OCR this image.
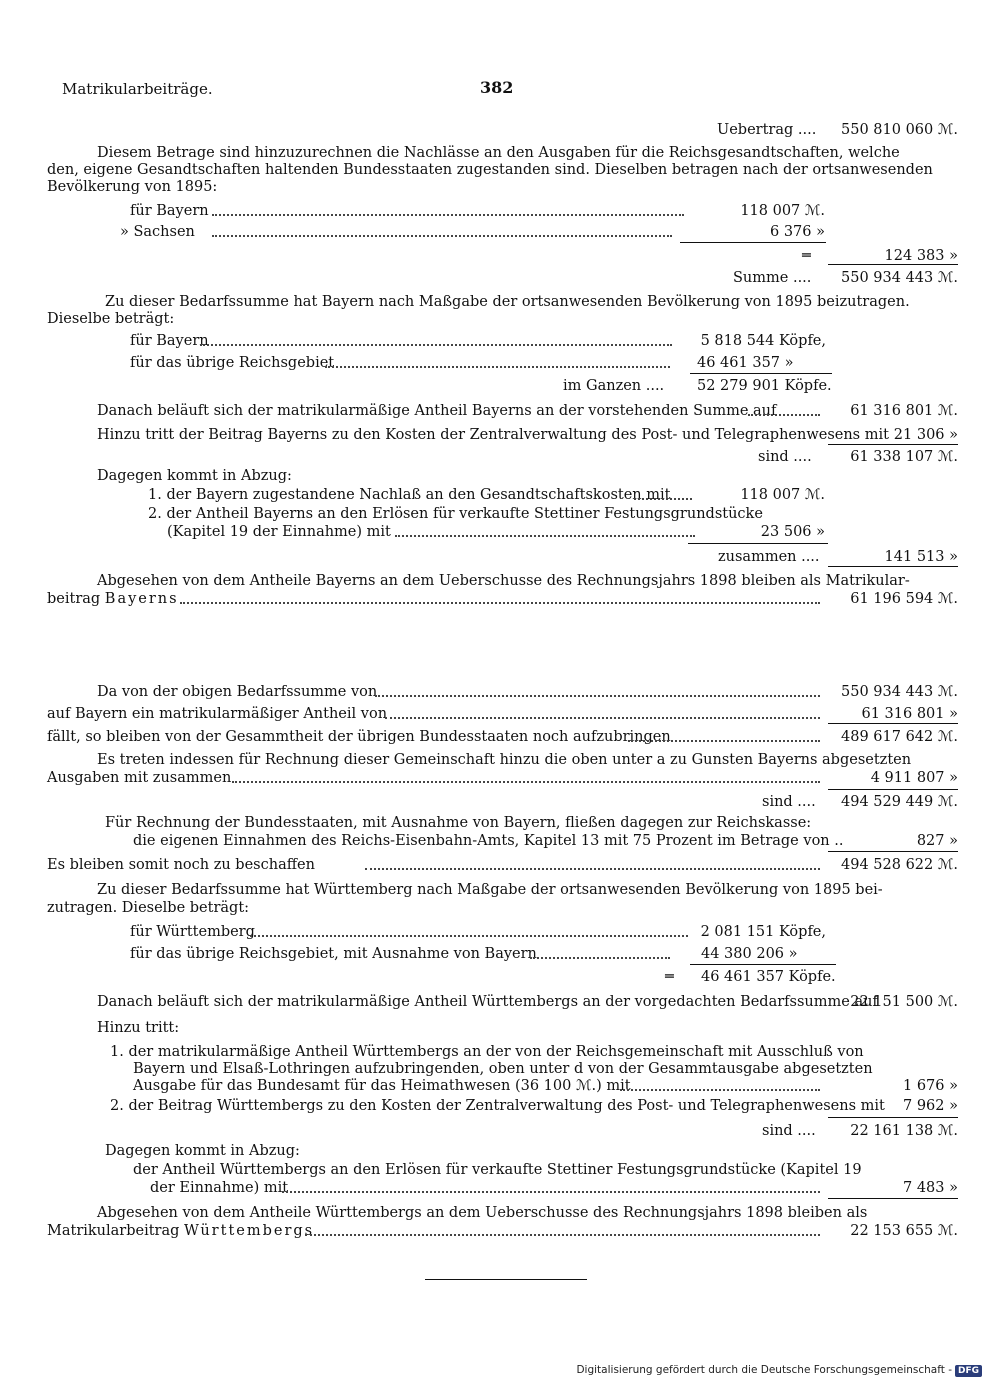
Matrikularbeiträge.	382
Uebertrag .... 550 810 060 ℳ.
Diesem Betrage sind hinzuzurechnen die Nachlässe an den Ausgaben für die Reichsgesandtschaften, welche
den, eigene Gesandtschaften haltenden Bundesstaaten zugestanden sind. Dieselben betragen nach der ortsanwesenden
Bevölkerung von 1895:
für Bayern	118 007 ℳ.
» Sachsen	6 376 »
═	124 383 »
Summe .... 550 934 443 ℳ.
Zu dieser Bedarfssumme hat Bayern nach Maßgabe der ortsanwesenden Bevölkerung von 1895 beizutragen.
Dieselbe beträgt:
für Bayern	5 818 544 Köpfe,
für das übrige Reichsgebiet	46 461 357 »
im Ganzen .... 52 279 901 Köpfe.
Danach beläuft sich der matrikularmäßige Antheil Bayerns an der vorstehenden Summe auf	61 316 801 ℳ.
Hinzu tritt der Beitrag Bayerns zu den Kosten der Zentralverwaltung des Post- und Telegraphenwesens mit 21 306 »
sind ....	61 338 107 ℳ.
Dagegen kommt in Abzug:
1. der Bayern zugestandene Nachlaß an den Gesandtschaftskosten mit	118 007 ℳ.
2. der Antheil Bayerns an den Erlösen für verkaufte Stettiner Festungsgrundstücke
(Kapitel 19 der Einnahme) mit	23 506 »
zusammen ....	141 513 »
Abgesehen von dem Antheile Bayerns an dem Ueberschusse des Rechnungsjahrs 1898 bleiben als Matrikular-
beitrag Bayerns	61 196 594 ℳ.
Da von der obigen Bedarfssumme von	550 934 443 ℳ.
auf Bayern ein matrikularmäßiger Antheil von	61 316 801 »
fällt, so bleiben von der Gesammtheit der übrigen Bundesstaaten noch aufzubringen	489 617 642 ℳ.
Es treten indessen für Rechnung dieser Gemeinschaft hinzu die oben unter a zu Gunsten Bayerns abgesetzten
Ausgaben mit zusammen	4 911 807 »
sind .... 494 529 449 ℳ.
Für Rechnung der Bundesstaaten, mit Ausnahme von Bayern, fließen dagegen zur Reichskasse:
die eigenen Einnahmen des Reichs-Eisenbahn-Amts, Kapitel 13 mit 75 Prozent im Betrage von ..	827 »
Es bleiben somit noch zu beschaffen	494 528 622 ℳ.
Zu dieser Bedarfssumme hat Württemberg nach Maßgabe der ortsanwesenden Bevölkerung von 1895 bei-
zutragen. Dieselbe beträgt:
für Württemberg	2 081 151 Köpfe,
für das übrige Reichsgebiet, mit Ausnahme von Bayern	44 380 206 »
═ 46 461 357 Köpfe.
Danach beläuft sich der matrikularmäßige Antheil Württembergs an der vorgedachten Bedarfssumme auf
22 151 500 ℳ.
Hinzu tritt:
1. der matrikularmäßige Antheil Württembergs an der von der Reichsgemeinschaft mit Ausschluß von
Bayern und Elsaß-Lothringen aufzubringenden, oben unter d von der Gesammtausgabe abgesetzten
Ausgabe für das Bundesamt für das Heimathwesen (36 100 ℳ.) mit	1 676 »
2. der Beitrag Württembergs zu den Kosten der Zentralverwaltung des Post- und Telegraphenwesens mit 7 962 »
sind .... 22 161 138 ℳ.
Dagegen kommt in Abzug:
der Antheil Württembergs an den Erlösen für verkaufte Stettiner Festungsgrundstücke (Kapitel 19
der Einnahme) mit	7 483 »
Abgesehen von dem Antheile Württembergs an dem Ueberschusse des Rechnungsjahrs 1898 bleiben als
Matrikularbeitrag Württembergs	22 153 655 ℳ.
Digitalisierung gefördert durch die Deutsche Forschungsgemeinschaft - DFG
